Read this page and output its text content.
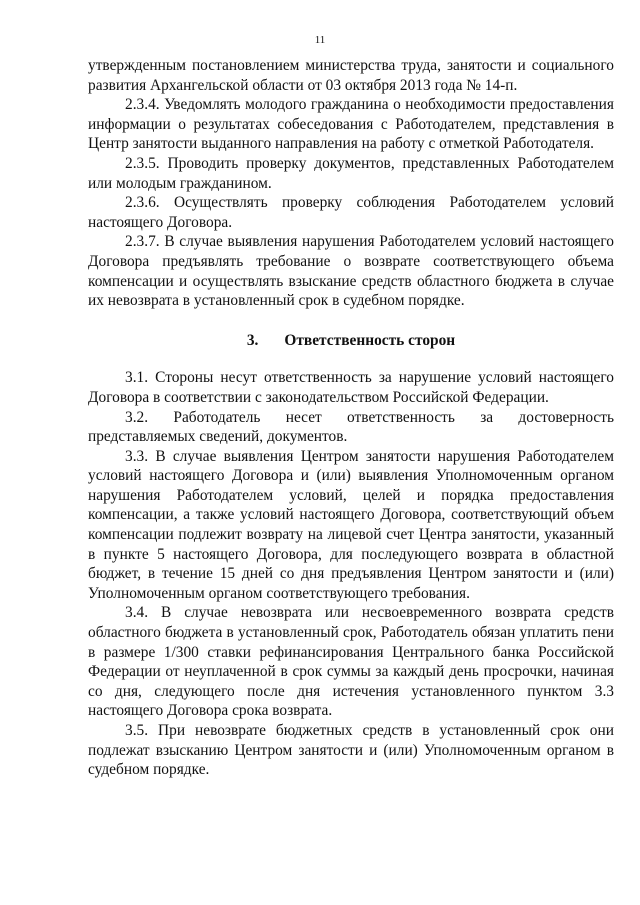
11

утвержденным постановлением министерства труда, занятости и социального развития Архангельской области от 03 октября 2013 года № 14-п.

2.3.4. Уведомлять молодого гражданина о необходимости предоставления информации о результатах собеседования с Работодателем, представления в Центр занятости выданного направления на работу с отметкой Работодателя.

2.3.5. Проводить проверку документов, представленных Работодателем или молодым гражданином.

2.3.6. Осуществлять проверку соблюдения Работодателем условий настоящего Договора.

2.3.7. В случае выявления нарушения Работодателем условий настоящего Договора предъявлять требование о возврате соответствующего объема компенсации и осуществлять взыскание средств областного бюджета в случае их невозврата в установленный срок в судебном порядке.

3. Ответственность сторон

3.1. Стороны несут ответственность за нарушение условий настоящего Договора в соответствии с законодательством Российской Федерации.

3.2. Работодатель несет ответственность за достоверность представляемых сведений, документов.

3.3. В случае выявления Центром занятости нарушения Работодателем условий настоящего Договора и (или) выявления Уполномоченным органом нарушения Работодателем условий, целей и порядка предоставления компенсации, а также условий настоящего Договора, соответствующий объем компенсации подлежит возврату на лицевой счет Центра занятости, указанный в пункте 5 настоящего Договора, для последующего возврата в областной бюджет, в течение 15 дней со дня предъявления Центром занятости и (или) Уполномоченным органом соответствующего требования.

3.4. В случае невозврата или несвоевременного возврата средств областного бюджета в установленный срок, Работодатель обязан уплатить пени в размере 1/300 ставки рефинансирования Центрального банка Российской Федерации от неуплаченной в срок суммы за каждый день просрочки, начиная со дня, следующего после дня истечения установленного пунктом 3.3 настоящего Договора срока возврата.

3.5. При невозврате бюджетных средств в установленный срок они подлежат взысканию Центром занятости и (или) Уполномоченным органом в судебном порядке.
